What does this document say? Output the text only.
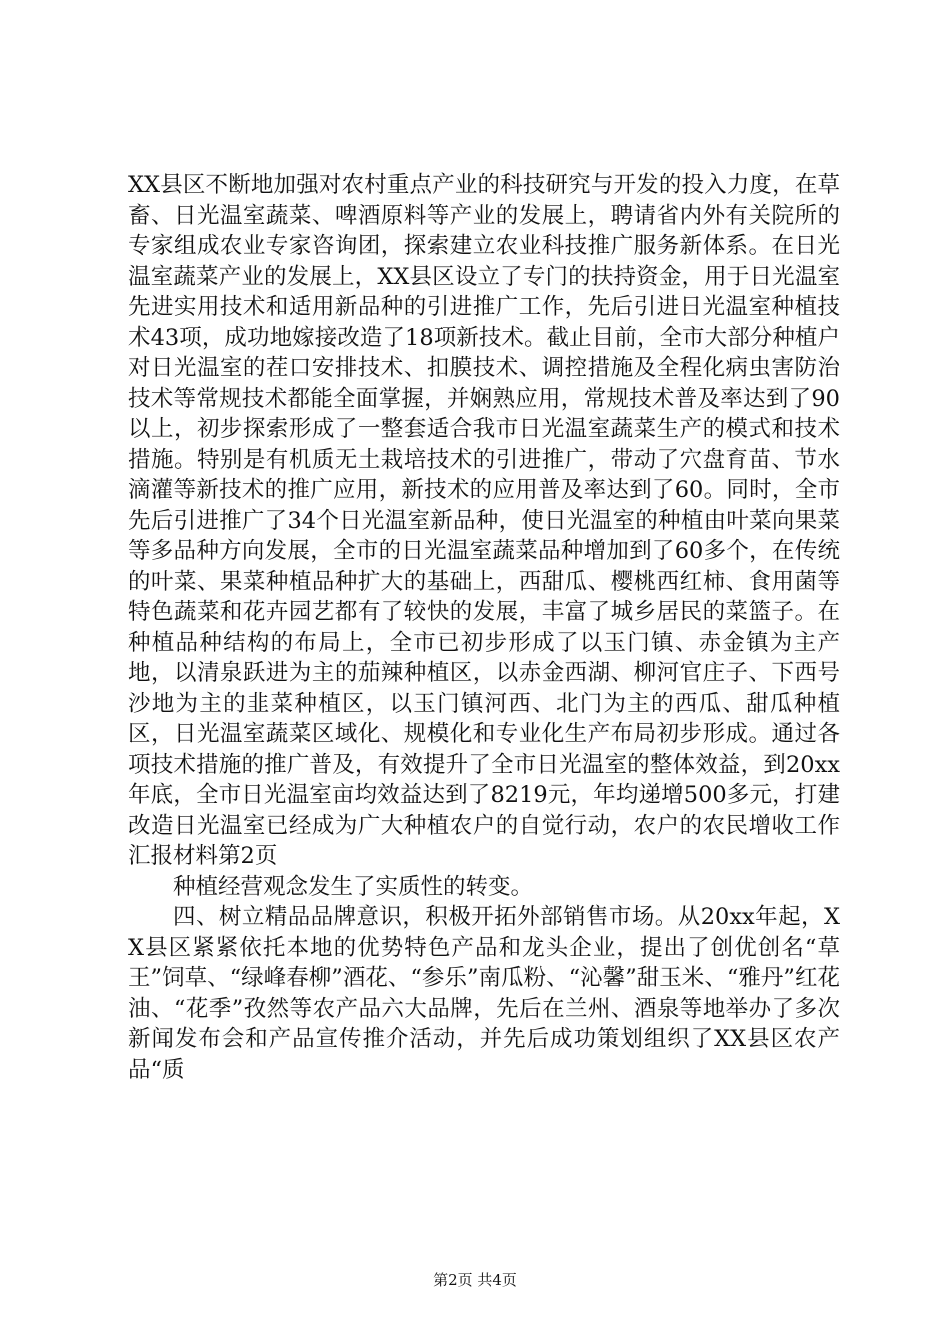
XX县区不断地加强对农村重点产业的科技研究与开发的投入力度，在草畜、日光温室蔬菜、啤酒原料等产业的发展上，聘请省内外有关院所的专家组成农业专家咨询团，探索建立农业科技推广服务新体系。在日光温室蔬菜产业的发展上，XX县区设立了专门的扶持资金，用于日光温室先进实用技术和适用新品种的引进推广工作，先后引进日光温室种植技术43项，成功地嫁接改造了18项新技术。截止目前，全市大部分种植户对日光温室的茬口安排技术、扣膜技术、调控措施及全程化病虫害防治技术等常规技术都能全面掌握，并娴熟应用，常规技术普及率达到了90以上，初步探索形成了一整套适合我市日光温室蔬菜生产的模式和技术措施。特别是有机质无土栽培技术的引进推广，带动了穴盘育苗、节水滴灌等新技术的推广应用，新技术的应用普及率达到了60。同时，全市先后引进推广了34个日光温室新品种，使日光温室的种植由叶菜向果菜等多品种方向发展，全市的日光温室蔬菜品种增加到了60多个，在传统的叶菜、果菜种植品种扩大的基础上，西甜瓜、樱桃西红柿、食用菌等特色蔬菜和花卉园艺都有了较快的发展，丰富了城乡居民的菜篮子。在种植品种结构的布局上，全市已初步形成了以玉门镇、赤金镇为主产地，以清泉跃进为主的茄辣种植区，以赤金西湖、柳河官庄子、下西号沙地为主的韭菜种植区，以玉门镇河西、北门为主的西瓜、甜瓜种植区，日光温室蔬菜区域化、规模化和专业化生产布局初步形成。通过各项技术措施的推广普及，有效提升了全市日光温室的整体效益，到20xx年底，全市日光温室亩均效益达到了8219元，年均递增500多元，打建改造日光温室已经成为广大种植农户的自觉行动，农户的农民增收工作汇报材料第2页

种植经营观念发生了实质性的转变。

四、树立精品品牌意识，积极开拓外部销售市场。从20xx年起，XX县区紧紧依托本地的优势特色产品和龙头企业，提出了创优创名“草王”饲草、“绿峰春柳”酒花、“参乐”南瓜粉、“沁馨”甜玉米、“雅丹”红花油、“花季”孜然等农产品六大品牌，先后在兰州、酒泉等地举办了多次新闻发布会和产品宣传推介活动，并先后成功策划组织了XX县区农产品“质

第2页 共4页
